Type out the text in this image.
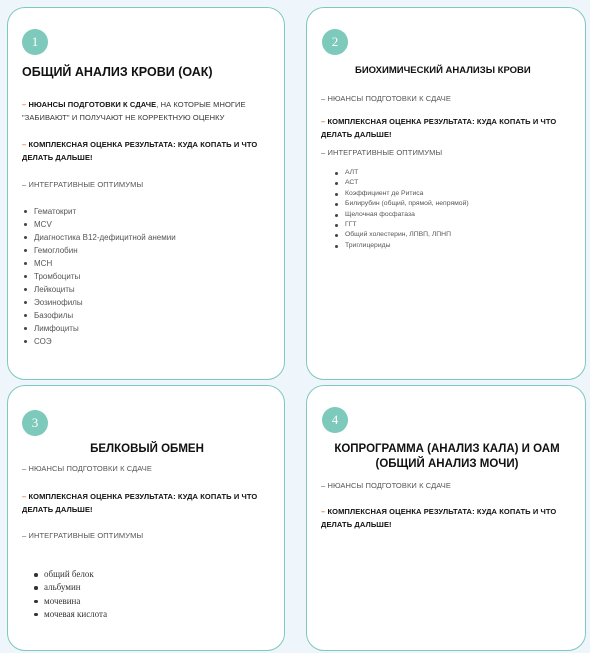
1
ОБЩИЙ АНАЛИЗ КРОВИ (ОАК)
– НЮАНСЫ ПОДГОТОВКИ К СДАЧЕ, НА КОТОРЫЕ МНОГИЕ "ЗАБИВАЮТ" И ПОЛУЧАЮТ НЕ КОРРЕКТНУЮ ОЦЕНКУ
– КОМПЛЕКСНАЯ ОЦЕНКА РЕЗУЛЬТАТА: КУДА КОПАТЬ И ЧТО ДЕЛАТЬ ДАЛЬШЕ!
– ИНТЕГРАТИВНЫЕ ОПТИМУМЫ
Гематокрит
MCV
Диагностика В12-дефицитной анемии
Гемоглобин
МСН
Тромбоциты
Лейкоциты
Эозинофилы
Базофилы
Лимфоциты
СОЭ
2
БИОХИМИЧЕСКИЙ АНАЛИЗЫ КРОВИ
– НЮАНСЫ ПОДГОТОВКИ К СДАЧЕ
– КОМПЛЕКСНАЯ ОЦЕНКА РЕЗУЛЬТАТА: КУДА КОПАТЬ И ЧТО ДЕЛАТЬ ДАЛЬШЕ!
– ИНТЕГРАТИВНЫЕ ОПТИМУМЫ
АЛТ
АСТ
Коэффициент де Ритиса
Билирубин (общий, прямой, непрямой)
Щелочная фосфатаза
ГГТ
Общий холестерин, ЛПВП, ЛПНП
Триглицериды
3
БЕЛКОВЫЙ ОБМЕН
– НЮАНСЫ ПОДГОТОВКИ К СДАЧЕ
– КОМПЛЕКСНАЯ ОЦЕНКА РЕЗУЛЬТАТА: КУДА КОПАТЬ И ЧТО ДЕЛАТЬ ДАЛЬШЕ!
– ИНТЕГРАТИВНЫЕ ОПТИМУМЫ
общий белок
альбумин
мочевина
мочевая кислота
4
КОПРОГРАММА (АНАЛИЗ КАЛА) И ОАМ
(ОБЩИЙ АНАЛИЗ МОЧИ)
– НЮАНСЫ ПОДГОТОВКИ К СДАЧЕ
– КОМПЛЕКСНАЯ ОЦЕНКА РЕЗУЛЬТАТА: КУДА КОПАТЬ И ЧТО ДЕЛАТЬ ДАЛЬШЕ!
